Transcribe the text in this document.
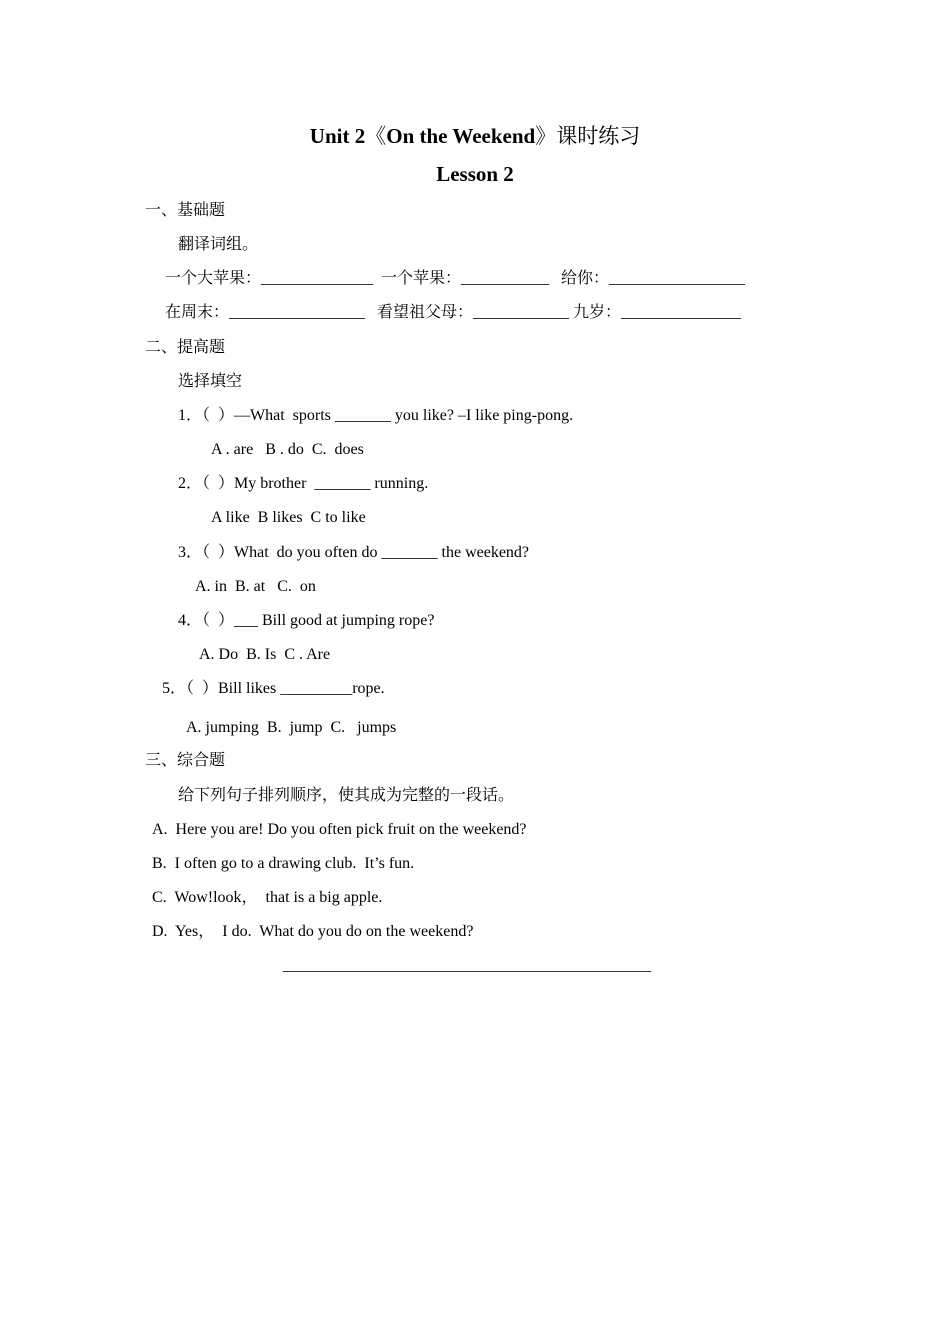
Unit 2《On the Weekend》课时练习
Lesson 2
一、基础题
翻译词组。
一个大苹果：______________  一个苹果：___________   给你：_________________
在周末：_________________   看望祖父母：____________ 九岁：_______________
二、提高题
选择填空
1．（  ）—What  sports _______ you like? –I like ping-pong.
A . are   B . do  C.  does
2．（  ）My brother  _______ running.
A like  B likes  C to like
3．（  ）What  do you often do _______ the weekend?
A. in  B. at   C.  on
4．（  ）___ Bill good at jumping rope?
A. Do  B. Is  C . Are
5．（  ）Bill likes _________rope.
A. jumping  B.  jump  C.   jumps
三、综合题
给下列句子排列顺序，使其成为完整的一段话。
A.  Here you are! Do you often pick fruit on the weekend?
B.  I often go to a drawing club.  It’s fun.
C.  Wow!look，  that is a big apple.
D.  Yes，  I do.  What do you do on the weekend?
______________________________________________
